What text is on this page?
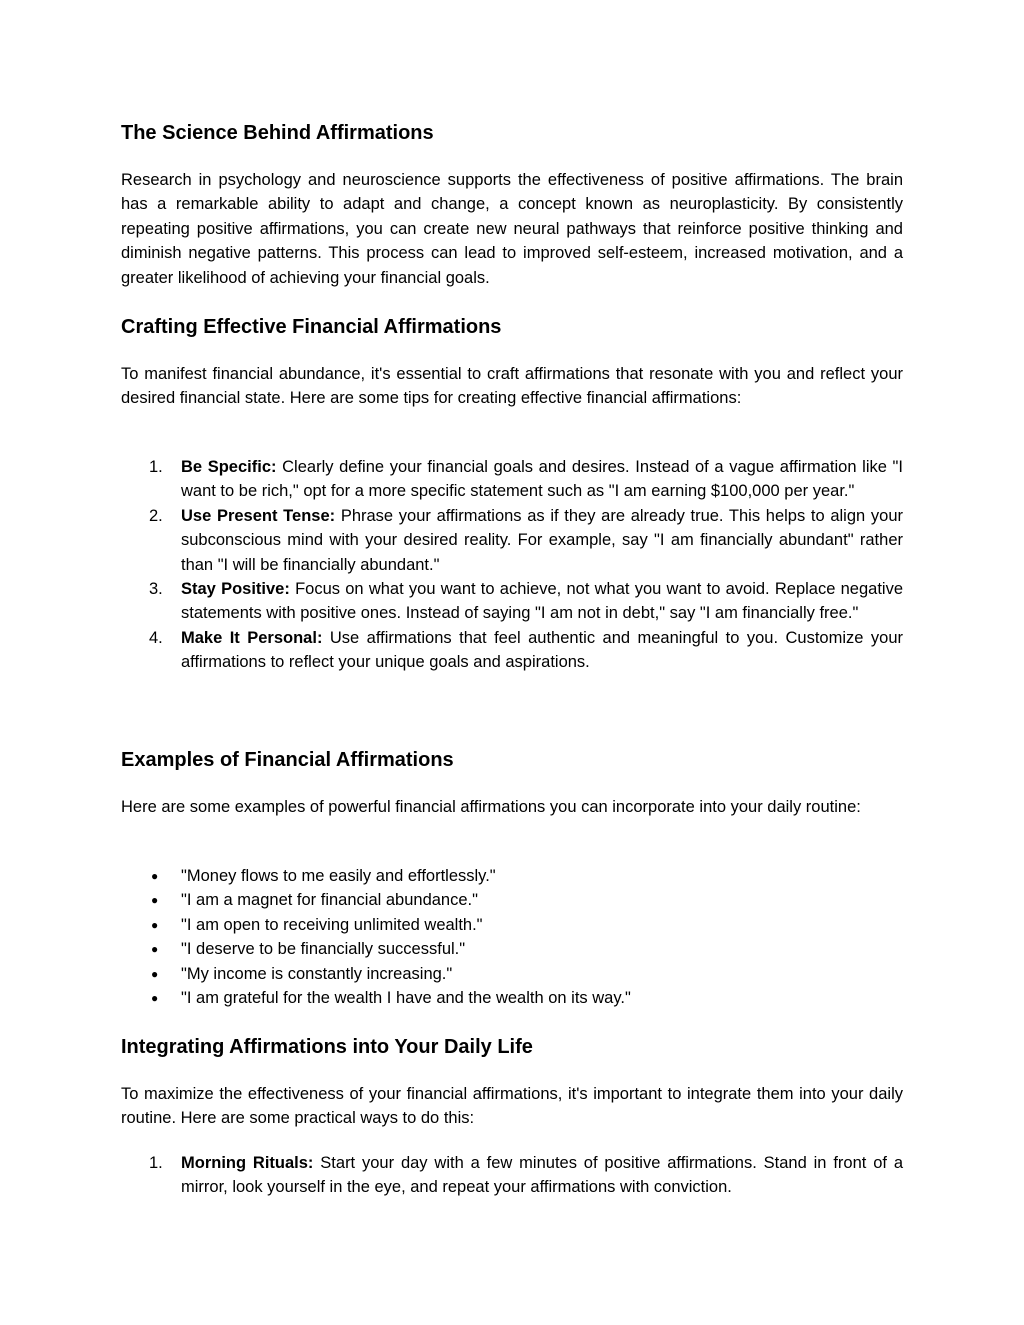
The Science Behind Affirmations

Research in psychology and neuroscience supports the effectiveness of positive affirmations. The brain has a remarkable ability to adapt and change, a concept known as neuroplasticity. By consistently repeating positive affirmations, you can create new neural pathways that reinforce positive thinking and diminish negative patterns. This process can lead to improved self-esteem, increased motivation, and a greater likelihood of achieving your financial goals.

Crafting Effective Financial Affirmations

To manifest financial abundance, it's essential to craft affirmations that resonate with you and reflect your desired financial state. Here are some tips for creating effective financial affirmations:

1. Be Specific: Clearly define your financial goals and desires. Instead of a vague affirmation like "I want to be rich," opt for a more specific statement such as "I am earning $100,000 per year."
2. Use Present Tense: Phrase your affirmations as if they are already true. This helps to align your subconscious mind with your desired reality. For example, say "I am financially abundant" rather than "I will be financially abundant."
3. Stay Positive: Focus on what you want to achieve, not what you want to avoid. Replace negative statements with positive ones. Instead of saying "I am not in debt," say "I am financially free."
4. Make It Personal: Use affirmations that feel authentic and meaningful to you. Customize your affirmations to reflect your unique goals and aspirations.
Examples of Financial Affirmations

Here are some examples of powerful financial affirmations you can incorporate into your daily routine:

● "Money flows to me easily and effortlessly."
● "I am a magnet for financial abundance."
● "I am open to receiving unlimited wealth."
● "I deserve to be financially successful."
● "My income is constantly increasing."
● "I am grateful for the wealth I have and the wealth on its way."
Integrating Affirmations into Your Daily Life

To maximize the effectiveness of your financial affirmations, it's important to integrate them into your daily routine. Here are some practical ways to do this:

1. Morning Rituals: Start your day with a few minutes of positive affirmations. Stand in front of a mirror, look yourself in the eye, and repeat your affirmations with conviction.
